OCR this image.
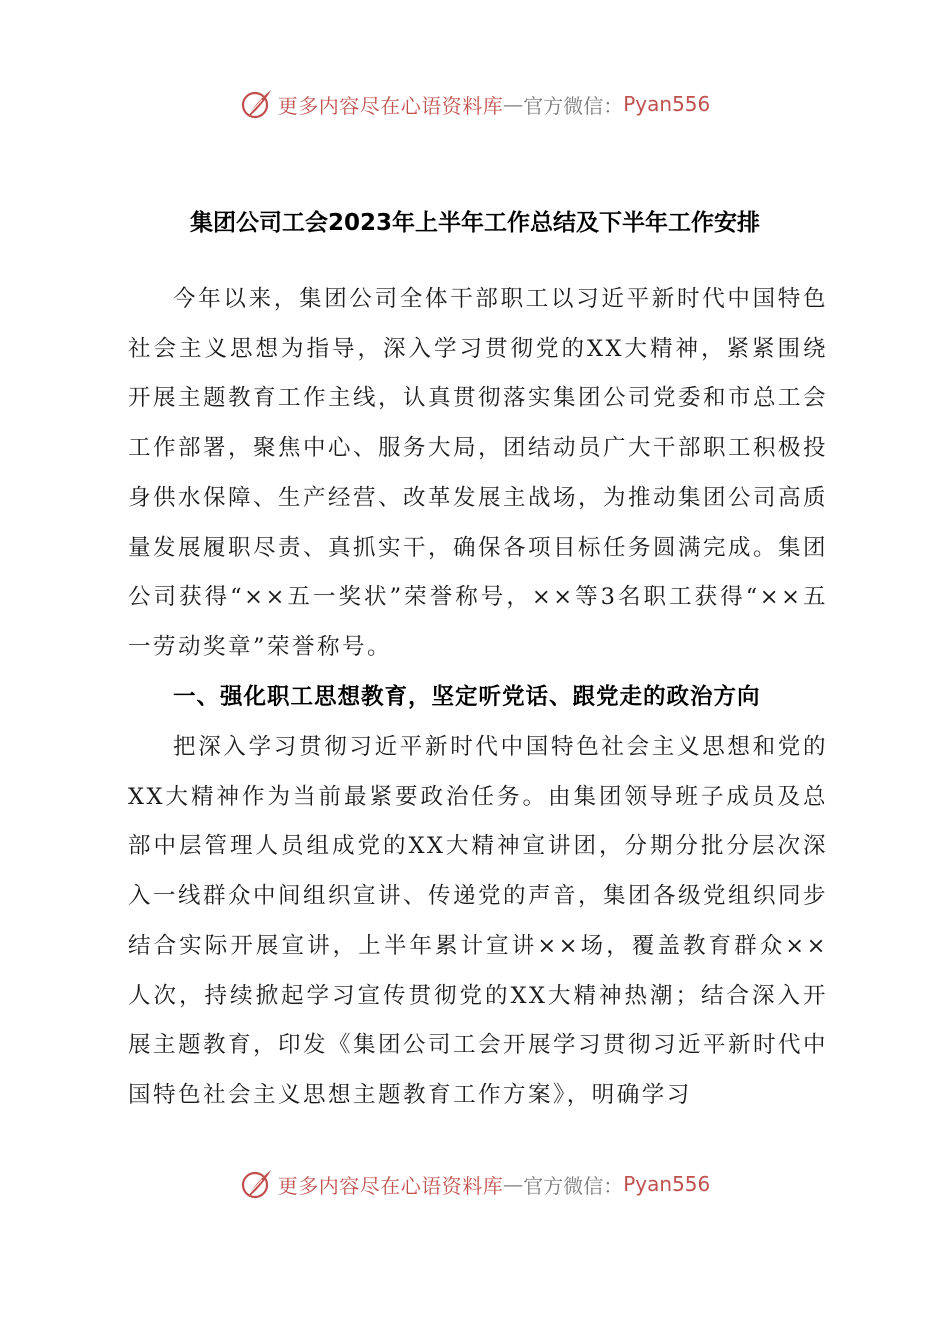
更多内容尽在心语资料库 — 官方微信： Pyan556
集团公司工会2023年上半年工作总结及下半年工作安排

今年以来，集团公司全体干部职工以习近平新时代中国特色社会主义思想为指导，深入学习贯彻党的XX大精神，紧紧围绕开展主题教育工作主线，认真贯彻落实集团公司党委和市总工会工作部署，聚焦中心、服务大局，团结动员广大干部职工积极投身供水保障、生产经营、改革发展主战场，为推动集团公司高质量发展履职尽责、真抓实干，确保各项目标任务圆满完成。集团公司获得“××五一奖状”荣誉称号，××等3名职工获得“××五一劳动奖章”荣誉称号。

一、强化职工思想教育，坚定听党话、跟党走的政治方向

把深入学习贯彻习近平新时代中国特色社会主义思想和党的XX大精神作为当前最紧要政治任务。由集团领导班子成员及总部中层管理人员组成党的XX大精神宣讲团，分期分批分层次深入一线群众中间组织宣讲、传递党的声音，集团各级党组织同步结合实际开展宣讲，上半年累计宣讲××场，覆盖教育群众××人次，持续掀起学习宣传贯彻党的XX大精神热潮；结合深入开展主题教育，印发《集团公司工会开展学习贯彻习近平新时代中国特色社会主义思想主题教育工作方案》，明确学习

更多内容尽在心语资料库 — 官方微信： Pyan556
